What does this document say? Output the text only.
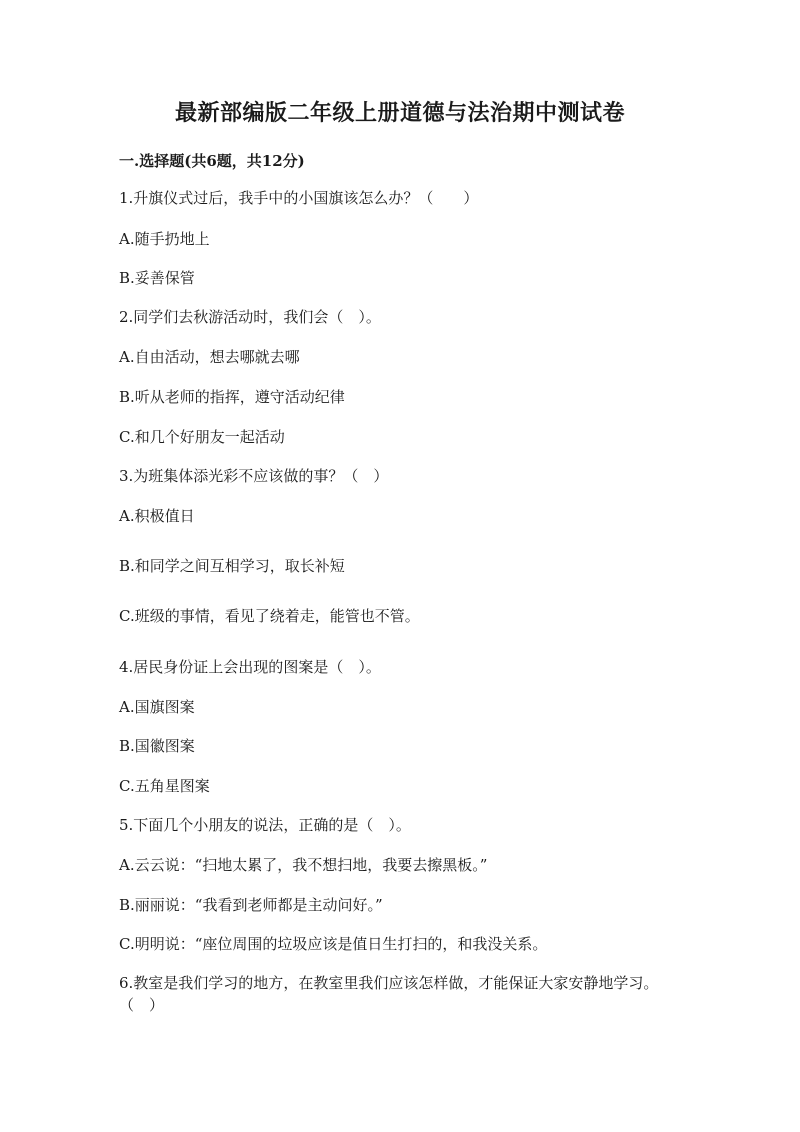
最新部编版二年级上册道德与法治期中测试卷
一.选择题(共6题，共12分)
1.升旗仪式过后，我手中的小国旗该怎么办？（　　）
A.随手扔地上
B.妥善保管
2.同学们去秋游活动时，我们会（　）。
A.自由活动，想去哪就去哪
B.听从老师的指挥，遵守活动纪律
C.和几个好朋友一起活动
3.为班集体添光彩不应该做的事？（　）
A.积极值日
B.和同学之间互相学习，取长补短
C.班级的事情，看见了绕着走，能管也不管。
4.居民身份证上会出现的图案是（　）。
A.国旗图案
B.国徽图案
C.五角星图案
5.下面几个小朋友的说法，正确的是（　）。
A.云云说：“扫地太累了，我不想扫地，我要去擦黑板。”
B.丽丽说：“我看到老师都是主动问好。”
C.明明说：“座位周围的垃圾应该是值日生打扫的，和我没关系。
6.教室是我们学习的地方，在教室里我们应该怎样做，才能保证大家安静地学习。（　）
